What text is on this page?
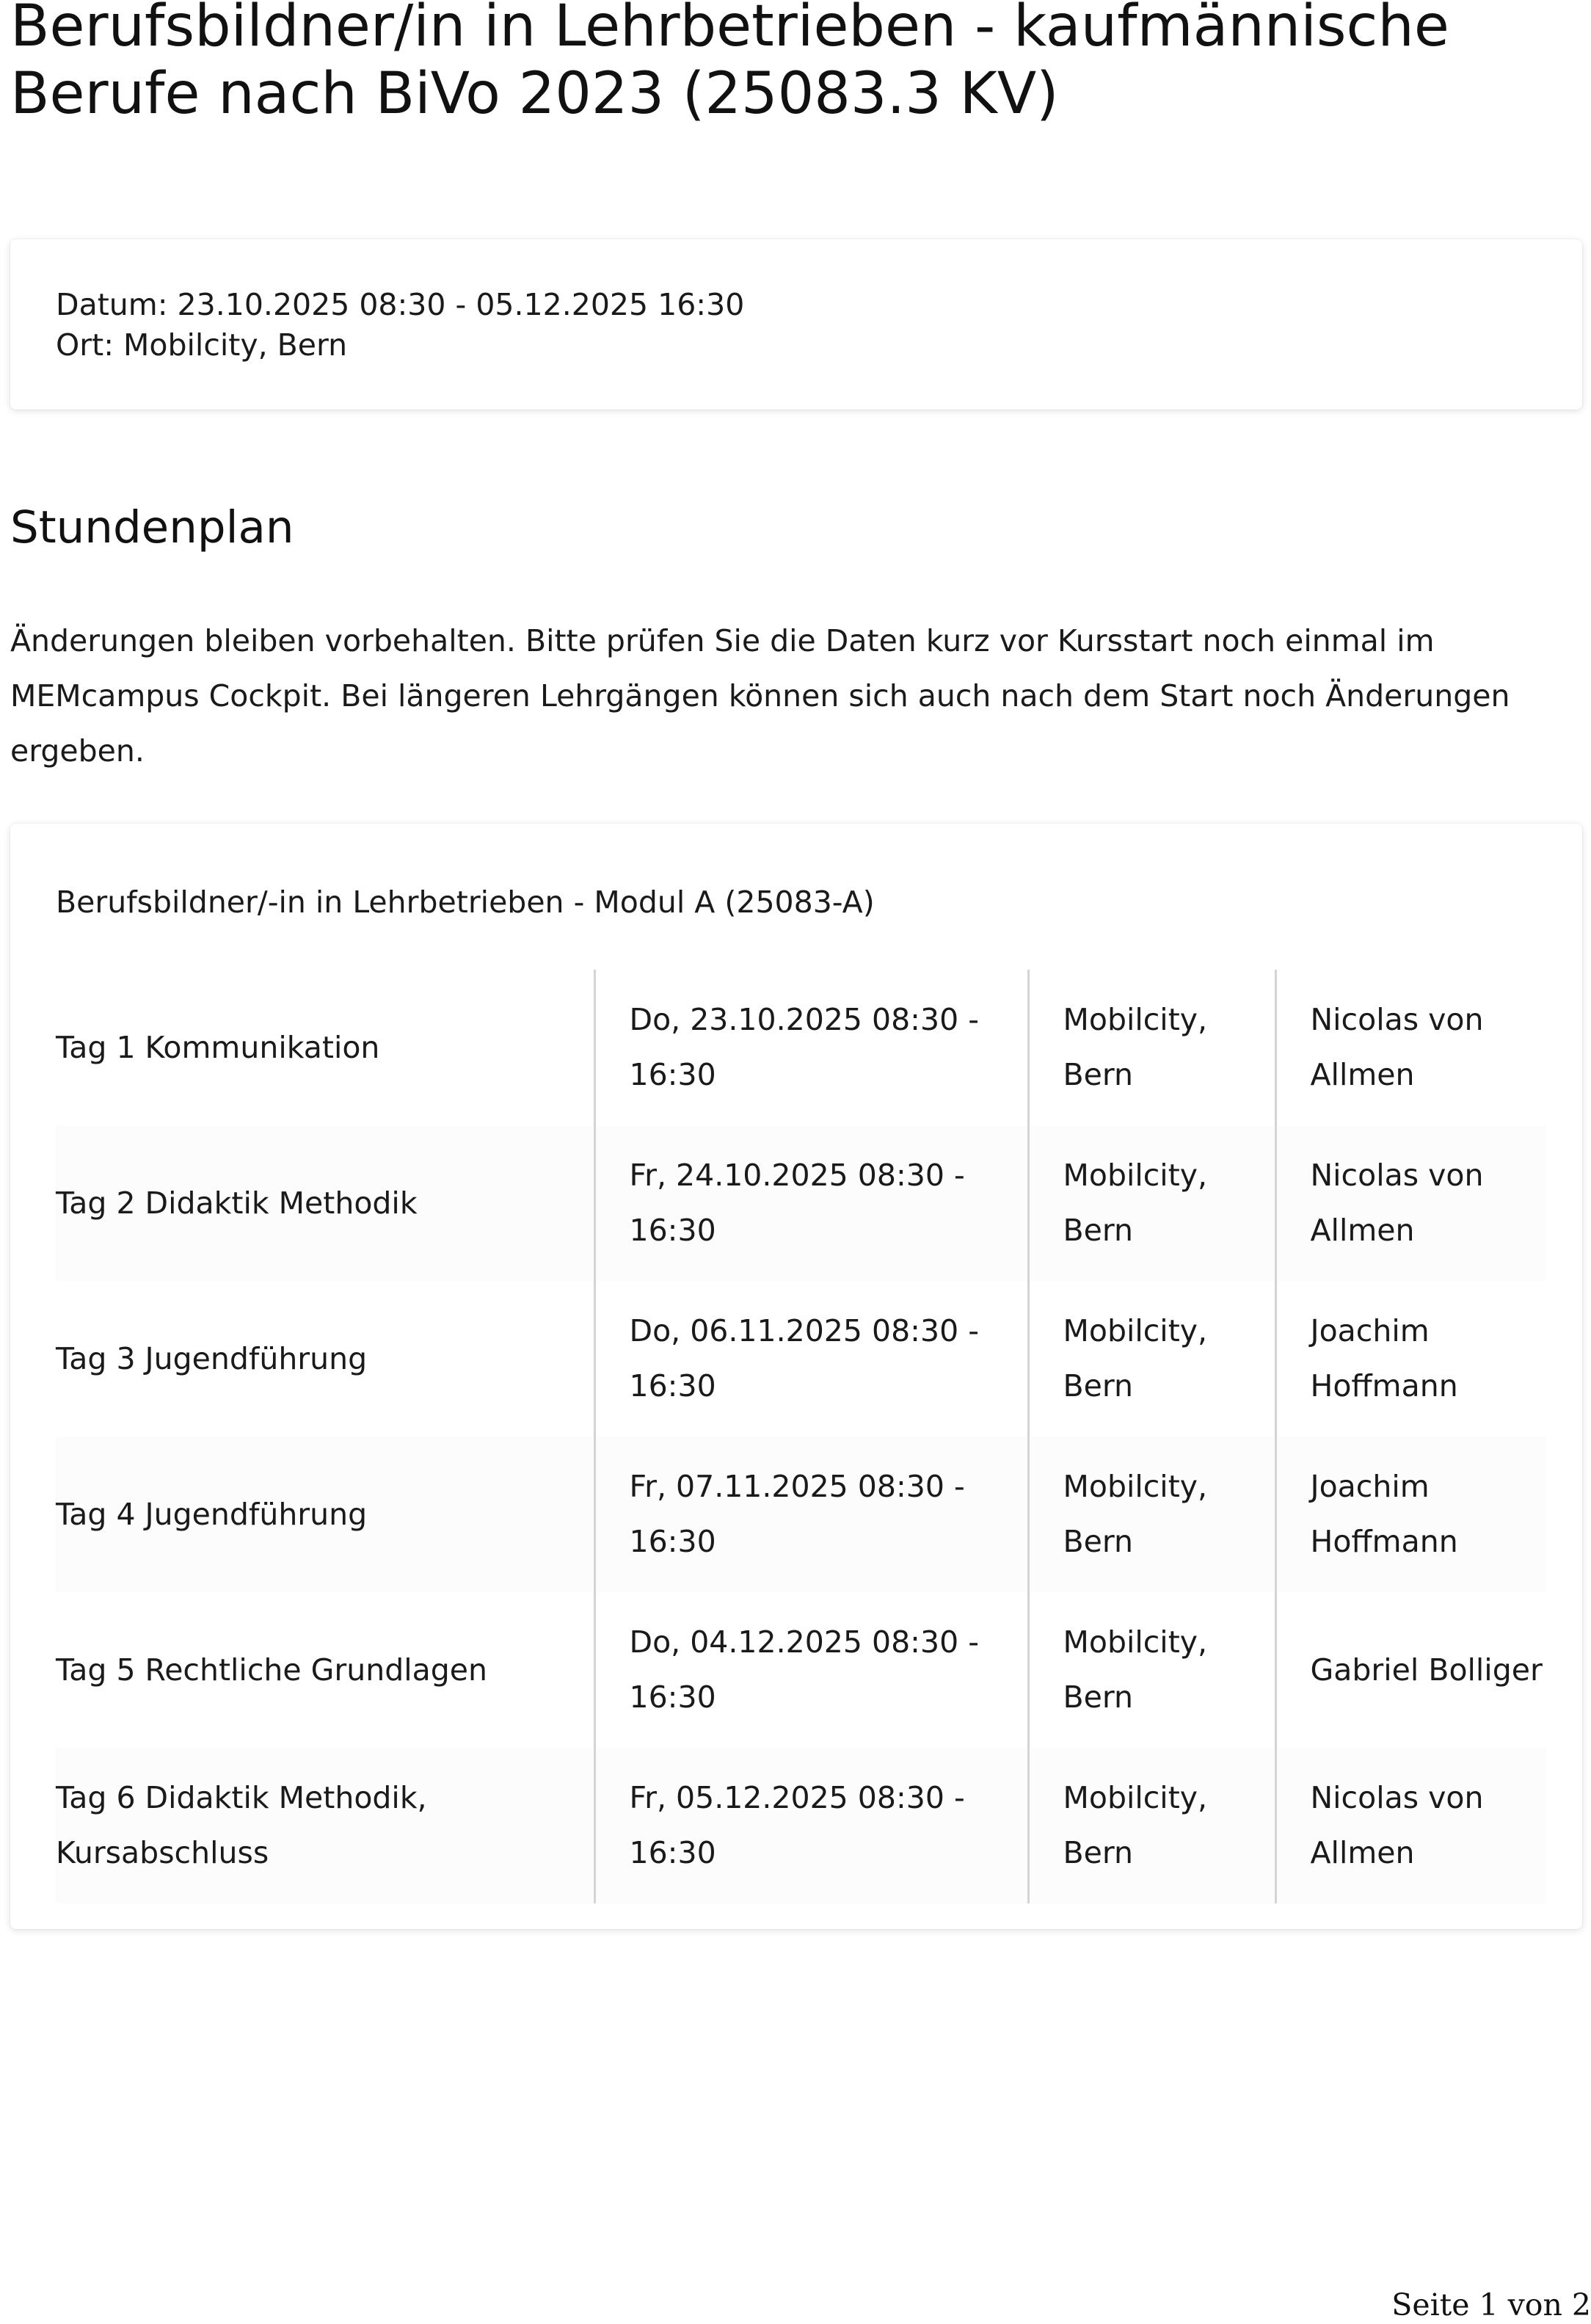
Berufsbildner/in in Lehrbetrieben - kaufmännische Berufe nach BiVo 2023 (25083.3 KV)
Datum: 23.10.2025 08:30 - 05.12.2025 16:30
Ort: Mobilcity, Bern
Stundenplan

Änderungen bleiben vorbehalten. Bitte prüfen Sie die Daten kurz vor Kursstart noch einmal im MEMcampus Cockpit. Bei längeren Lehrgängen können sich auch nach dem Start noch Änderungen ergeben.

Berufsbildner/-in in Lehrbetrieben - Modul A (25083-A)
Tag 1 Kommunikation	Do, 23.10.2025 08:30 - 16:30	Mobilcity, Bern	Nicolas von Allmen
Tag 2 Didaktik Methodik	Fr, 24.10.2025 08:30 - 16:30	Mobilcity, Bern	Nicolas von Allmen
Tag 3 Jugendführung	Do, 06.11.2025 08:30 - 16:30	Mobilcity, Bern	Joachim Hoffmann
Tag 4 Jugendführung	Fr, 07.11.2025 08:30 - 16:30	Mobilcity, Bern	Joachim Hoffmann
Tag 5 Rechtliche Grundlagen	Do, 04.12.2025 08:30 - 16:30	Mobilcity, Bern	Gabriel Bolliger
Tag 6 Didaktik Methodik, Kursabschluss	Fr, 05.12.2025 08:30 - 16:30	Mobilcity, Bern	Nicolas von Allmen
Seite 1 von 2
